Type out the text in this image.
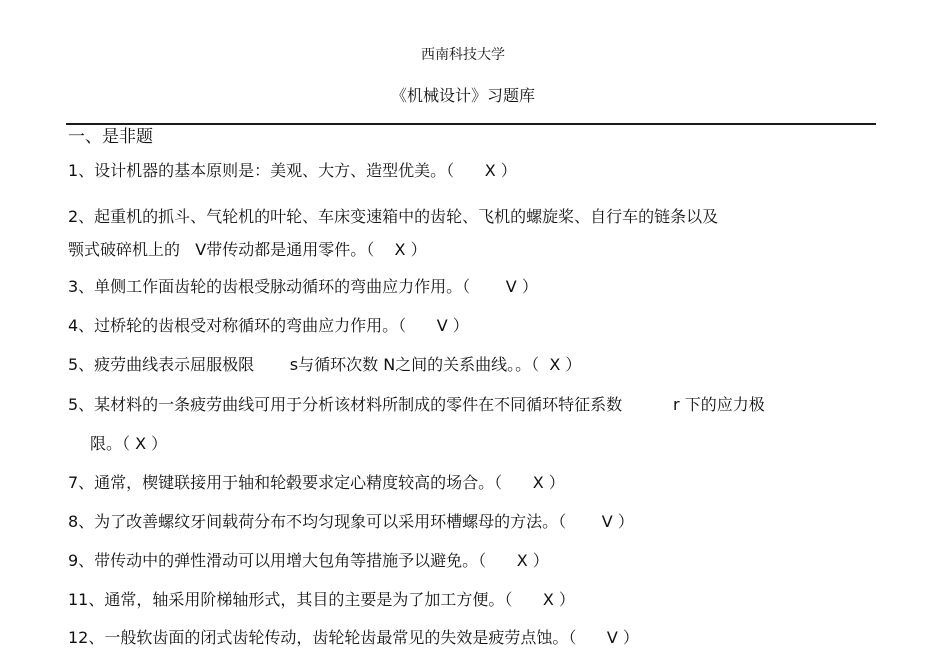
西南科技大学
《机械设计》习题库
一、是非题
1、设计机器的基本原则是：美观、大方、造型优美。（      X ）
2、起重机的抓斗、气轮机的叶轮、车床变速箱中的齿轮、飞机的螺旋桨、自行车的链条以及
颚式破碎机上的   V带传动都是通用零件。（    X ）
3、单侧工作面齿轮的齿根受脉动循环的弯曲应力作用。（       V ）
4、过桥轮的齿根受对称循环的弯曲应力作用。（      V ）
5、疲劳曲线表示屈服极限       s与循环次数 N之间的关系曲线。。（  X ）
5、某材料的一条疲劳曲线可用于分析该材料所制成的零件在不同循环特征系数          r 下的应力极
限。（ X ）
7、通常，楔键联接用于轴和轮毂要求定心精度较高的场合。（      X ）
8、为了改善螺纹牙间载荷分布不均匀现象可以采用环槽螺母的方法。（       V ）
9、带传动中的弹性滑动可以用增大包角等措施予以避免。（      X ）
11、通常，轴采用阶梯轴形式，其目的主要是为了加工方便。（      X ）
12、一般软齿面的闭式齿轮传动，齿轮轮齿最常见的失效是疲劳点蚀。（      V ）
